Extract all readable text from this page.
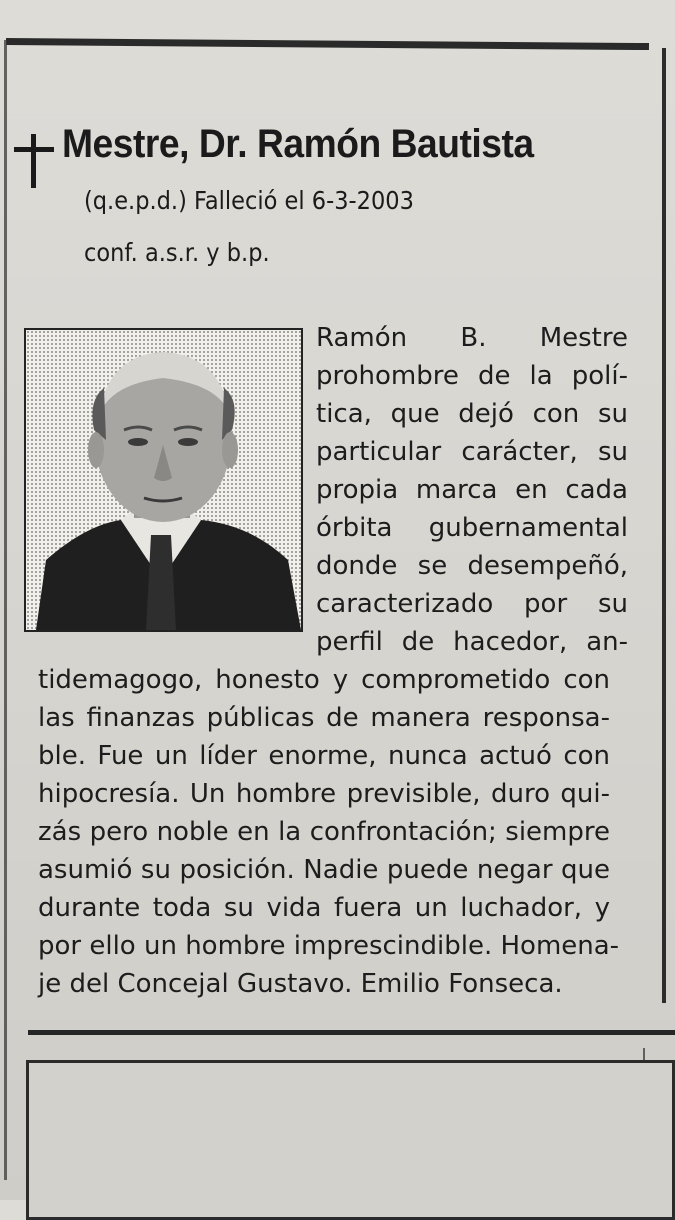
Mestre, Dr. Ramón Bautista
(q.e.p.d.) Falleció el 6-3-2003
conf. a.s.r. y b.p.
Ramón B. Mestre
prohombre de la polí-
tica, que dejó con su
particular carácter, su
propia marca en cada
órbita gubernamental
donde se desempeñó,
caracterizado por su
perfil de hacedor, an-
tidemagogo, honesto y comprometido con
las finanzas públicas de manera responsa-
ble. Fue un líder enorme, nunca actuó con
hipocresía. Un hombre previsible, duro qui-
zás pero noble en la confrontación; siempre
asumió su posición. Nadie puede negar que
durante toda su vida fuera un luchador, y
por ello un hombre imprescindible. Homena-
je del Concejal Gustavo. Emilio Fonseca.
